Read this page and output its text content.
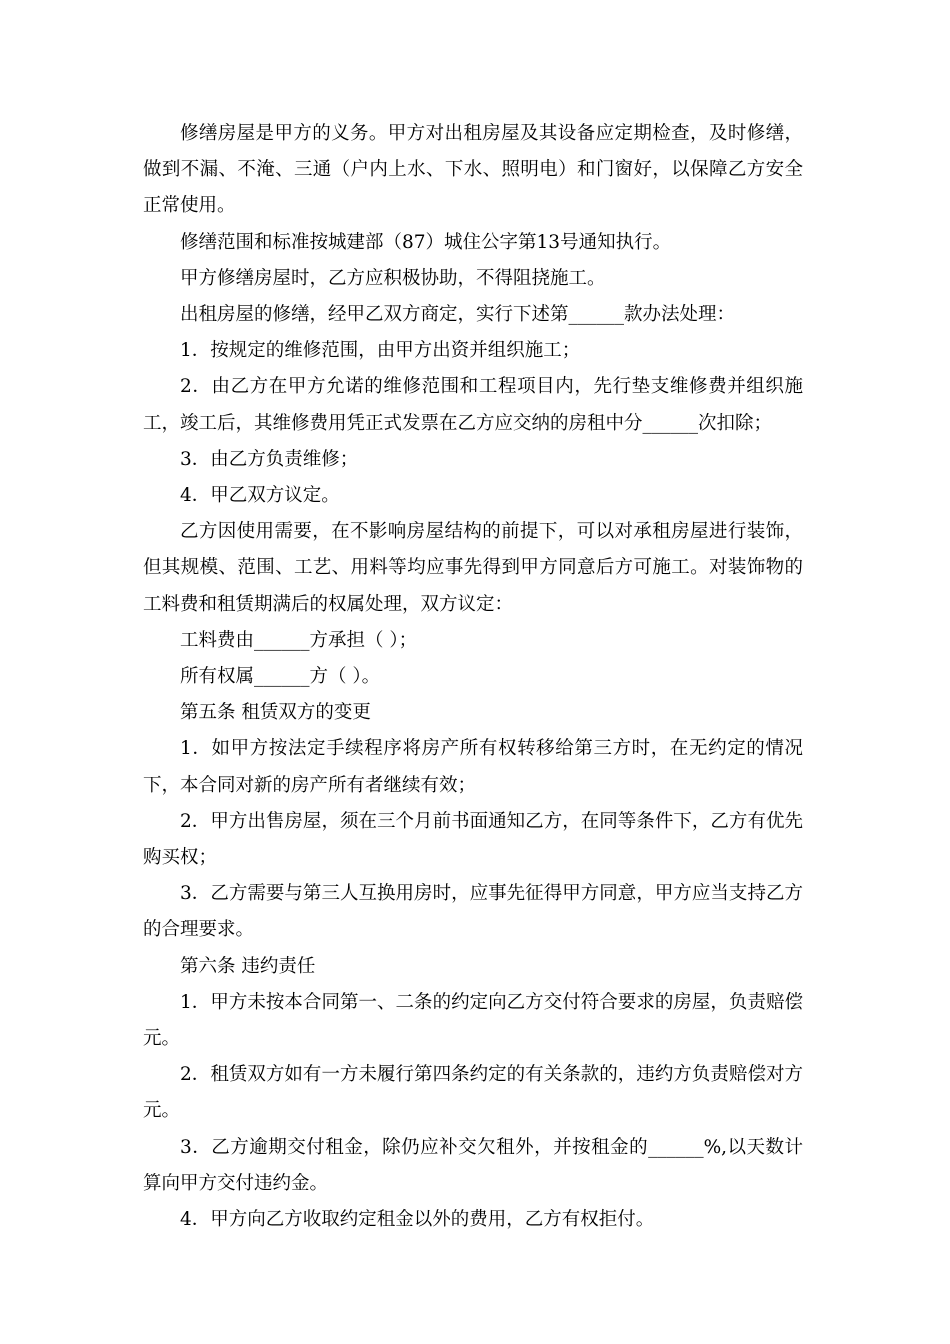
修缮房屋是甲方的义务。甲方对出租房屋及其设备应定期检查，及时修缮，做到不漏、不淹、三通（户内上水、下水、照明电）和门窗好，以保障乙方安全正常使用。

修缮范围和标准按城建部（87）城住公字第13号通知执行。

甲方修缮房屋时，乙方应积极协助，不得阻挠施工。

出租房屋的修缮，经甲乙双方商定，实行下述第______款办法处理：

1．按规定的维修范围，由甲方出资并组织施工；

2．由乙方在甲方允诺的维修范围和工程项目内，先行垫支维修费并组织施工，竣工后，其维修费用凭正式发票在乙方应交纳的房租中分______次扣除；

3．由乙方负责维修；

4．甲乙双方议定。

乙方因使用需要，在不影响房屋结构的前提下，可以对承租房屋进行装饰，但其规模、范围、工艺、用料等均应事先得到甲方同意后方可施工。对装饰物的工料费和租赁期满后的权属处理，双方议定：

工料费由______方承担（ ）；

所有权属______方（ ）。

第五条 租赁双方的变更

1．如甲方按法定手续程序将房产所有权转移给第三方时，在无约定的情况下，本合同对新的房产所有者继续有效；

2．甲方出售房屋，须在三个月前书面通知乙方，在同等条件下，乙方有优先购买权；

3．乙方需要与第三人互换用房时，应事先征得甲方同意，甲方应当支持乙方的合理要求。

第六条 违约责任

1．甲方未按本合同第一、二条的约定向乙方交付符合要求的房屋，负责赔偿元。

2．租赁双方如有一方未履行第四条约定的有关条款的，违约方负责赔偿对方元。

3．乙方逾期交付租金，除仍应补交欠租外，并按租金的______%,以天数计算向甲方交付违约金。

4．甲方向乙方收取约定租金以外的费用，乙方有权拒付。
